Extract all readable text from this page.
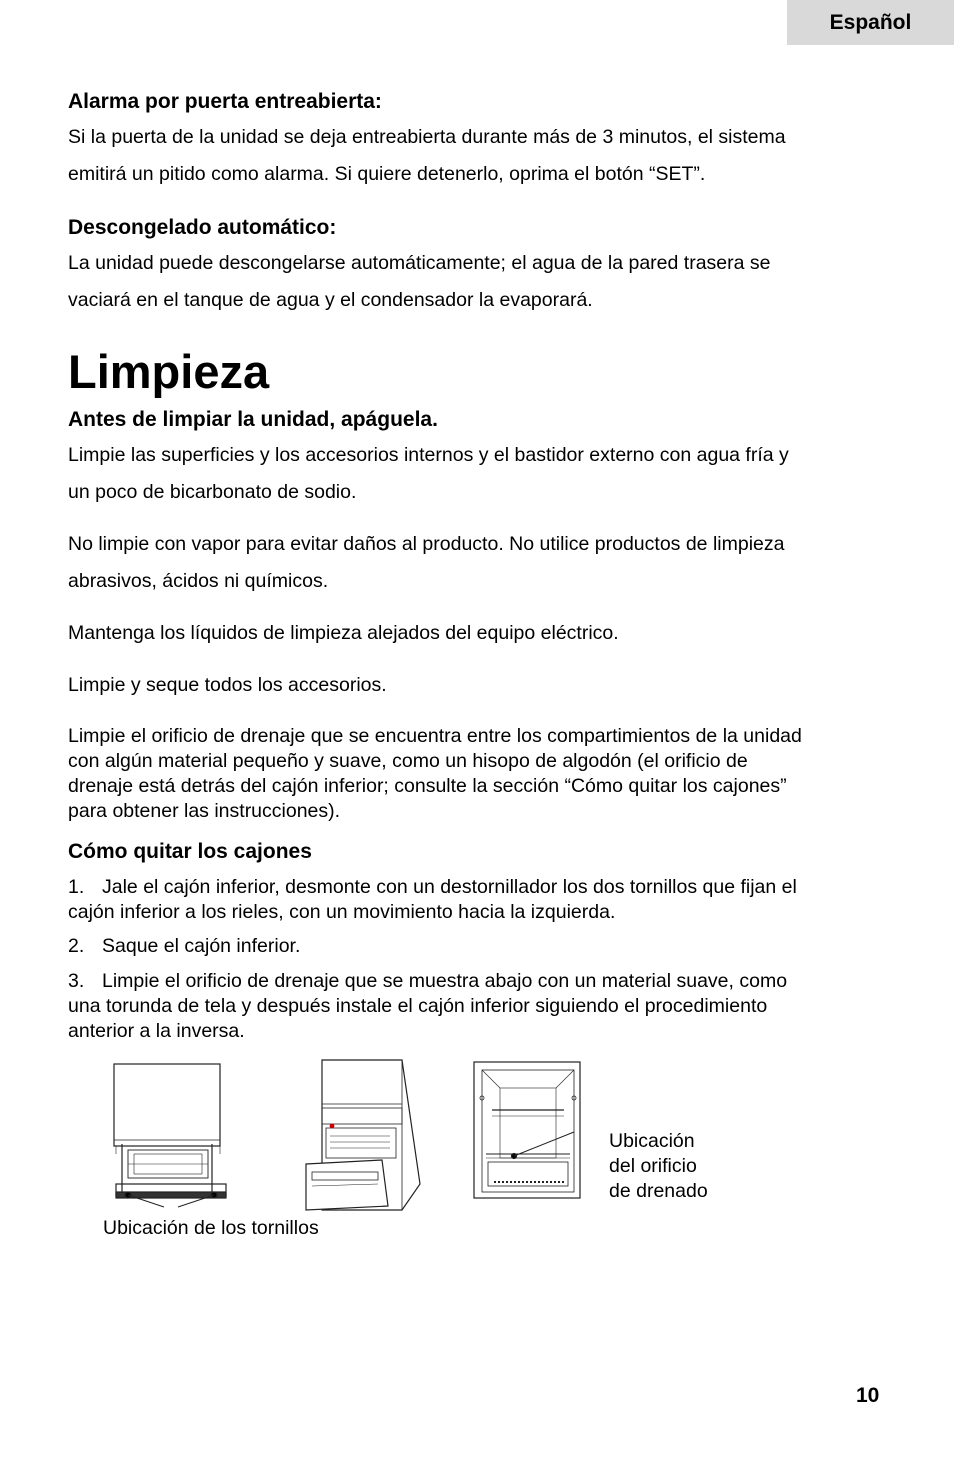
Español
Alarma por puerta entreabierta:
Si la puerta de la unidad se deja entreabierta durante más de 3 minutos, el sistema
emitirá un pitido como alarma. Si quiere detenerlo, oprima el botón “SET”.
Descongelado automático:
La unidad puede descongelarse automáticamente; el agua de la pared trasera se
vaciará en el tanque de agua y el condensador la evaporará.
Limpieza
Antes de limpiar la unidad, apáguela.
Limpie las superficies y los accesorios internos y el bastidor externo con agua fría y
un poco de bicarbonato de sodio.
No limpie con vapor para evitar daños al producto. No utilice productos de limpieza
abrasivos, ácidos ni químicos.
Mantenga los líquidos de limpieza alejados del equipo eléctrico.
Limpie y seque todos los accesorios.
Limpie el orificio de drenaje que se encuentra entre los compartimientos de la unidad
con algún material pequeño y suave, como un hisopo de algodón (el orificio de
drenaje está detrás del cajón inferior; consulte la sección “Cómo quitar los cajones”
para obtener las instrucciones).
Cómo quitar los cajones
1. Jale el cajón inferior, desmonte con un destornillador los dos tornillos que fijan el
cajón inferior a los rieles, con un movimiento hacia la izquierda.
2. Saque el cajón inferior.
3. Limpie el orificio de drenaje que se muestra abajo con un material suave, como
una torunda de tela y después instale el cajón inferior siguiendo el procedimiento
anterior a la inversa.
Ubicación de los tornillos
Ubicación
del orificio
de drenado
10
